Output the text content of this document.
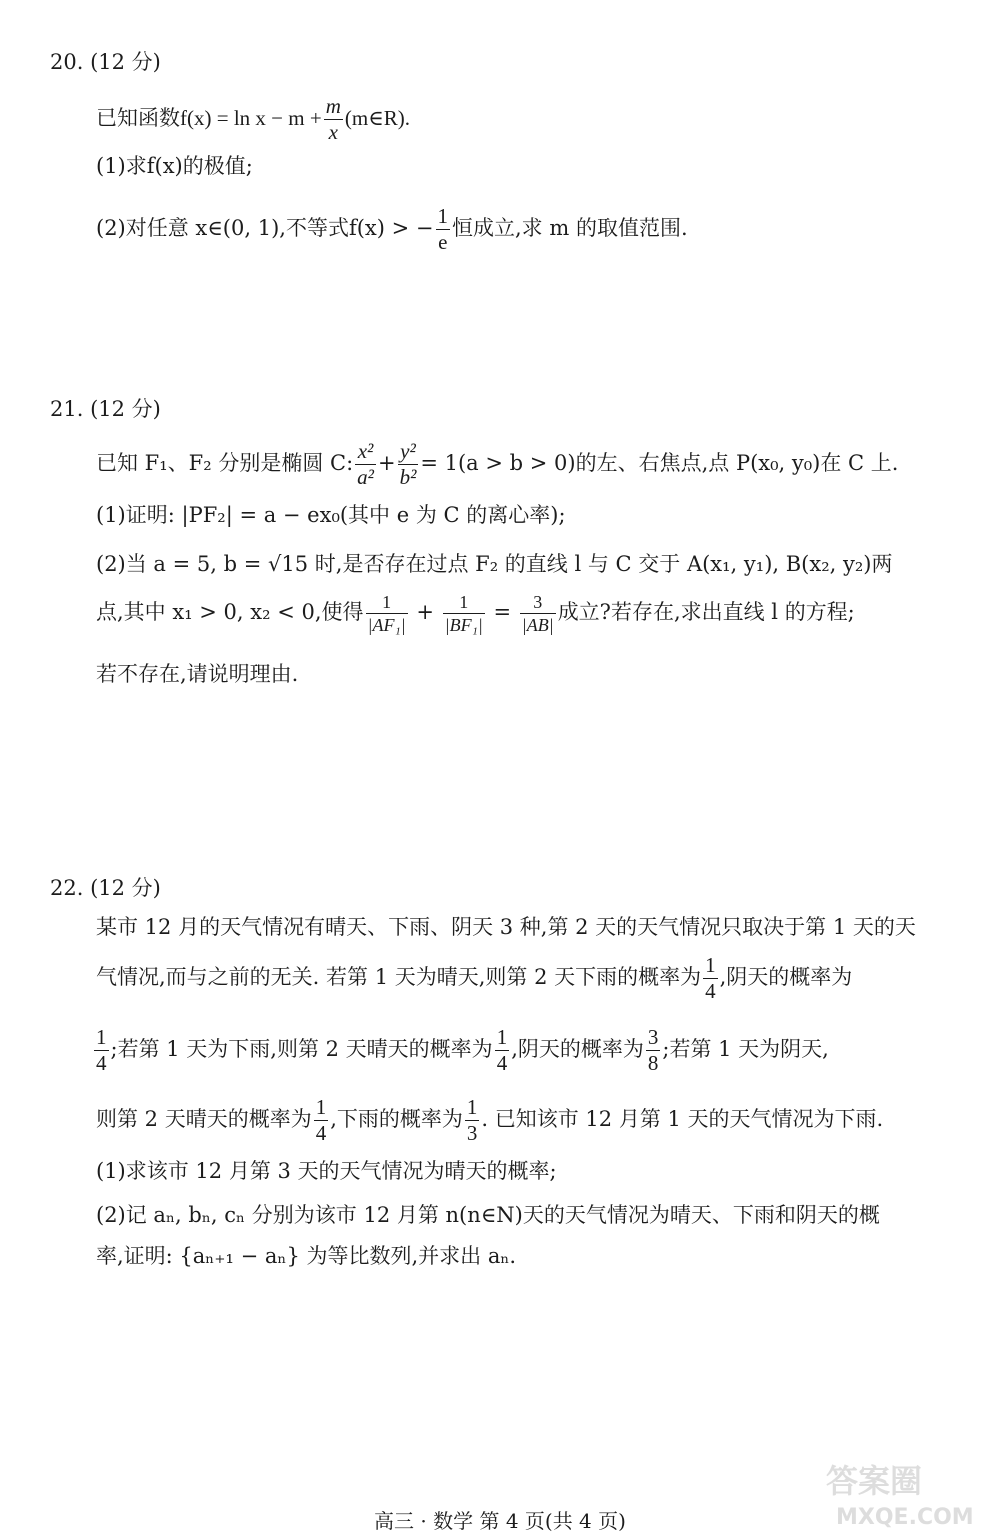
20. (12 分)
已知函数$f(x) = \ln x - m + \frac{m}{x}$ (m∈R).
(1)求f(x)的极值;
(2)对任意 x∈(0, 1),不等式f(x) > − $\frac{1}{e}$ 恒成立,求 m 的取值范围.
21. (12 分)
已知 F₁、F₂ 分别是椭圆 C: $\frac{\text{x²}}{\text{a²}} + \frac{\text{y²}}{\text{b²}} = 1(a > b > 0)$的左、右焦点,点 P(x₀, y₀)在 C 上.
(1)证明: |PF₂| = a − ex₀(其中 e 为 C 的离心率);
(2)当 a = 5, b = √15 时,是否存在过点 F₂ 的直线 l 与 C 交于 A(x₁, y₁), B(x₂, y₂)两
点,其中 x₁ > 0, x₂ < 0,使得 $\frac{1}{\text{|AF₁|}} + \frac{1}{\text{|BF₁|}} = \frac{3}{|AB|}$ 成立?若存在,求出直线 l 的方程;
若不存在,请说明理由.
22. (12 分)
某市 12 月的天气情况有晴天、下雨、阴天 3 种,第 2 天的天气情况只取决于第 1 天的天
气情况,而与之前的无关. 若第 1 天为晴天,则第 2 天下雨的概率为 $\frac{1}{4}$ ,阴天的概率为
$\frac{1}{4}$ ;若第 1 天为下雨,则第 2 天晴天的概率为 $\frac{1}{4}$ ,阴天的概率为 $\frac{3}{8}$ ;若第 1 天为阴天,
则第 2 天晴天的概率为 $\frac{1}{4}$ ,下雨的概率为 $\frac{1}{3}$ . 已知该市 12 月第 1 天的天气情况为下雨.
(1)求该市 12 月第 3 天的天气情况为晴天的概率;
(2)记 aₙ, bₙ, cₙ 分别为该市 12 月第 n(n∈N)天的天气情况为晴天、下雨和阴天的概
率,证明: {aₙ₊₁ − aₙ} 为等比数列,并求出 aₙ.
高三 · 数学 第 4 页(共 4 页)
答案圈
MXQE.COM
